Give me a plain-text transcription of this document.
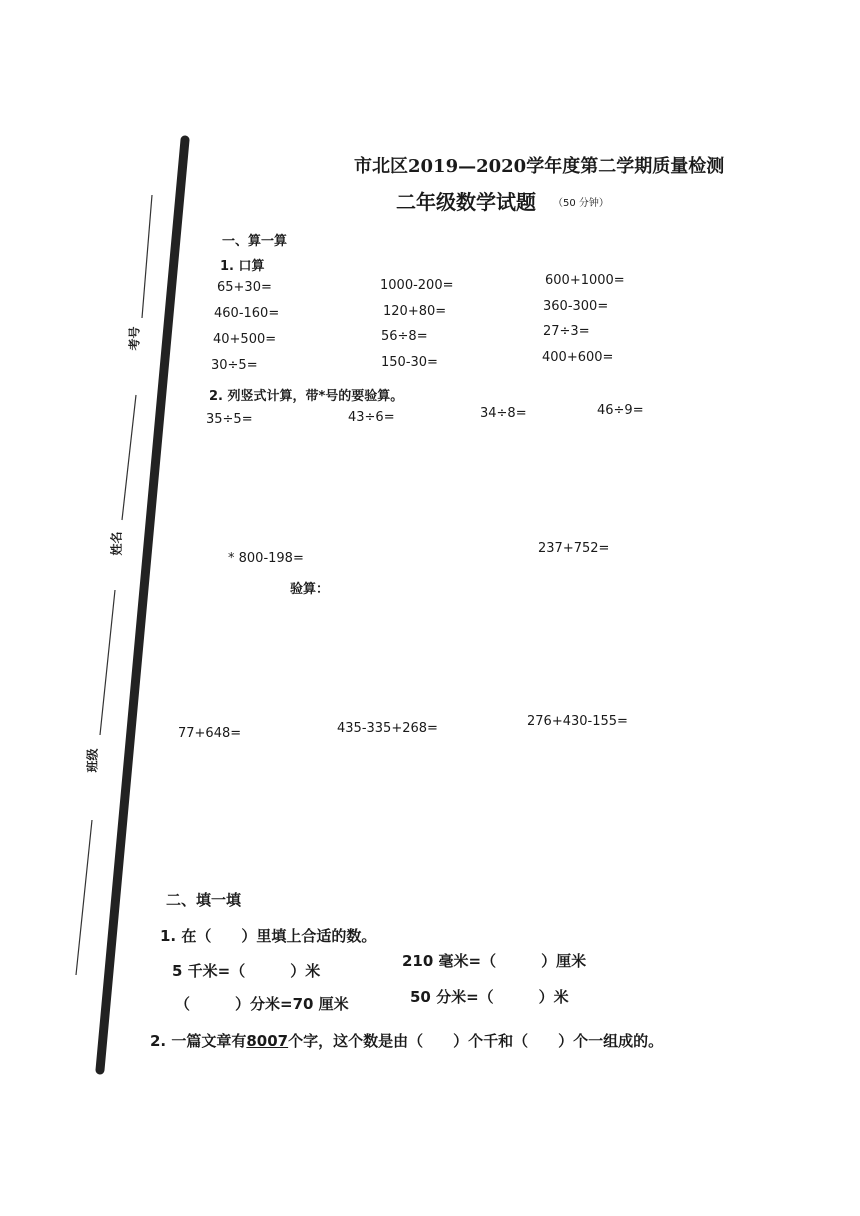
考号
姓名
班级
市北区2019—2020学年度第二学期质量检测
二年级数学试题 （50 分钟）
一、算一算
1. 口算
65+30=	1000-200=	600+1000=
460-160=	120+80=	360-300=
40+500=	56÷8=	27÷3=
30÷5=	150-30=	400+600=
2. 列竖式计算，带*号的要验算。
35÷5=	43÷6=	34÷8=	46÷9=
* 800-198=
237+752=
验算：
77+648=	435-335+268=	276+430-155=
二、填一填
1. 在（　　）里填上合适的数。
5 千米=（　　　）米
210 毫米=（　　　）厘米
（　　　）分米=70 厘米	50 分米=（　　　）米
2. 一篇文章有8007个字，这个数是由（　　）个千和（　　）个一组成的。
